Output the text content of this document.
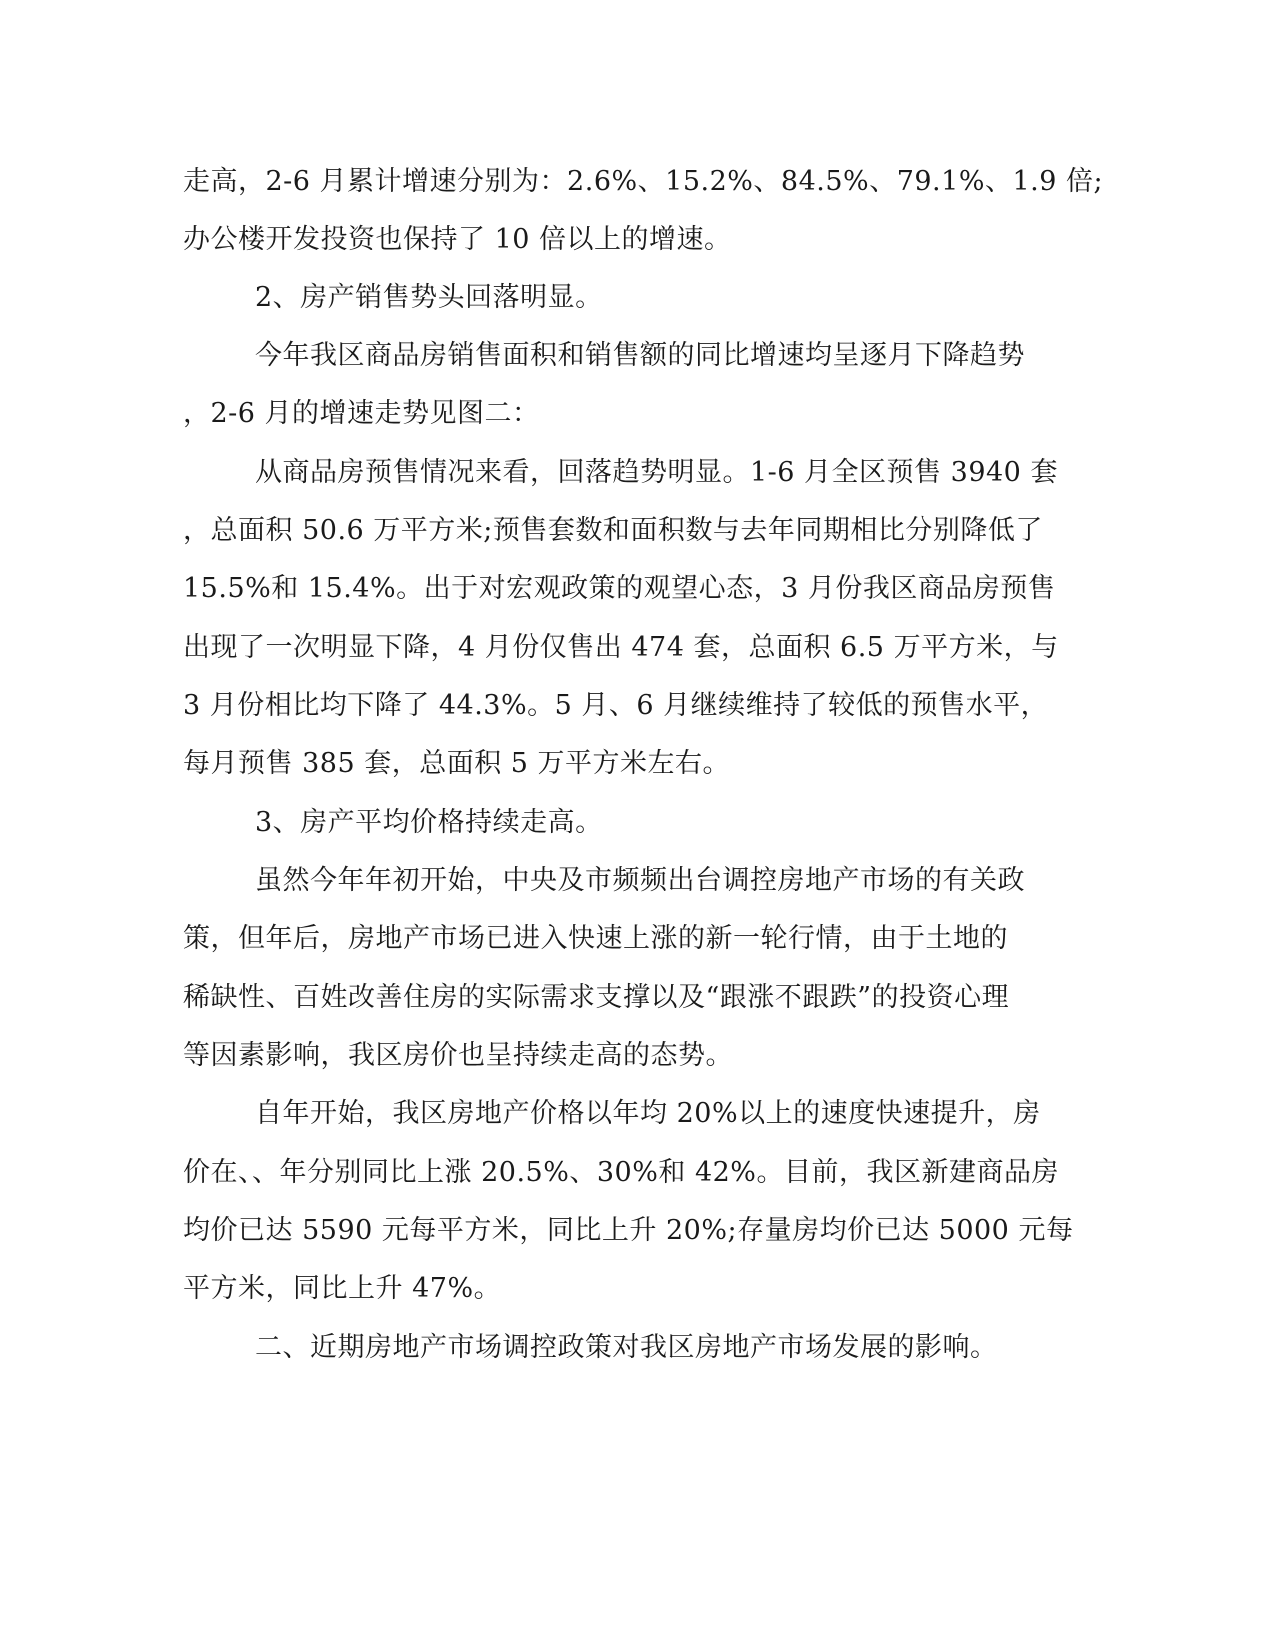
走高，2-6 月累计增速分别为：2.6%、15.2%、84.5%、79.1%、1.9 倍;
办公楼开发投资也保持了 10 倍以上的增速。
2、房产销售势头回落明显。
今年我区商品房销售面积和销售额的同比增速均呈逐月下降趋势
，2-6 月的增速走势见图二：
从商品房预售情况来看，回落趋势明显。1-6 月全区预售 3940 套
，总面积 50.6 万平方米;预售套数和面积数与去年同期相比分别降低了
15.5%和 15.4%。出于对宏观政策的观望心态，3 月份我区商品房预售
出现了一次明显下降，4 月份仅售出 474 套，总面积 6.5 万平方米，与
3 月份相比均下降了 44.3%。5 月、6 月继续维持了较低的预售水平，
每月预售 385 套，总面积 5 万平方米左右。
3、房产平均价格持续走高。
虽然今年年初开始，中央及市频频出台调控房地产市场的有关政
策，但年后，房地产市场已进入快速上涨的新一轮行情，由于土地的
稀缺性、百姓改善住房的实际需求支撑以及“跟涨不跟跌”的投资心理
等因素影响，我区房价也呈持续走高的态势。
自年开始，我区房地产价格以年均 20%以上的速度快速提升，房
价在、、年分别同比上涨 20.5%、30%和 42%。目前，我区新建商品房
均价已达 5590 元每平方米，同比上升 20%;存量房均价已达 5000 元每
平方米，同比上升 47%。
二、近期房地产市场调控政策对我区房地产市场发展的影响。
